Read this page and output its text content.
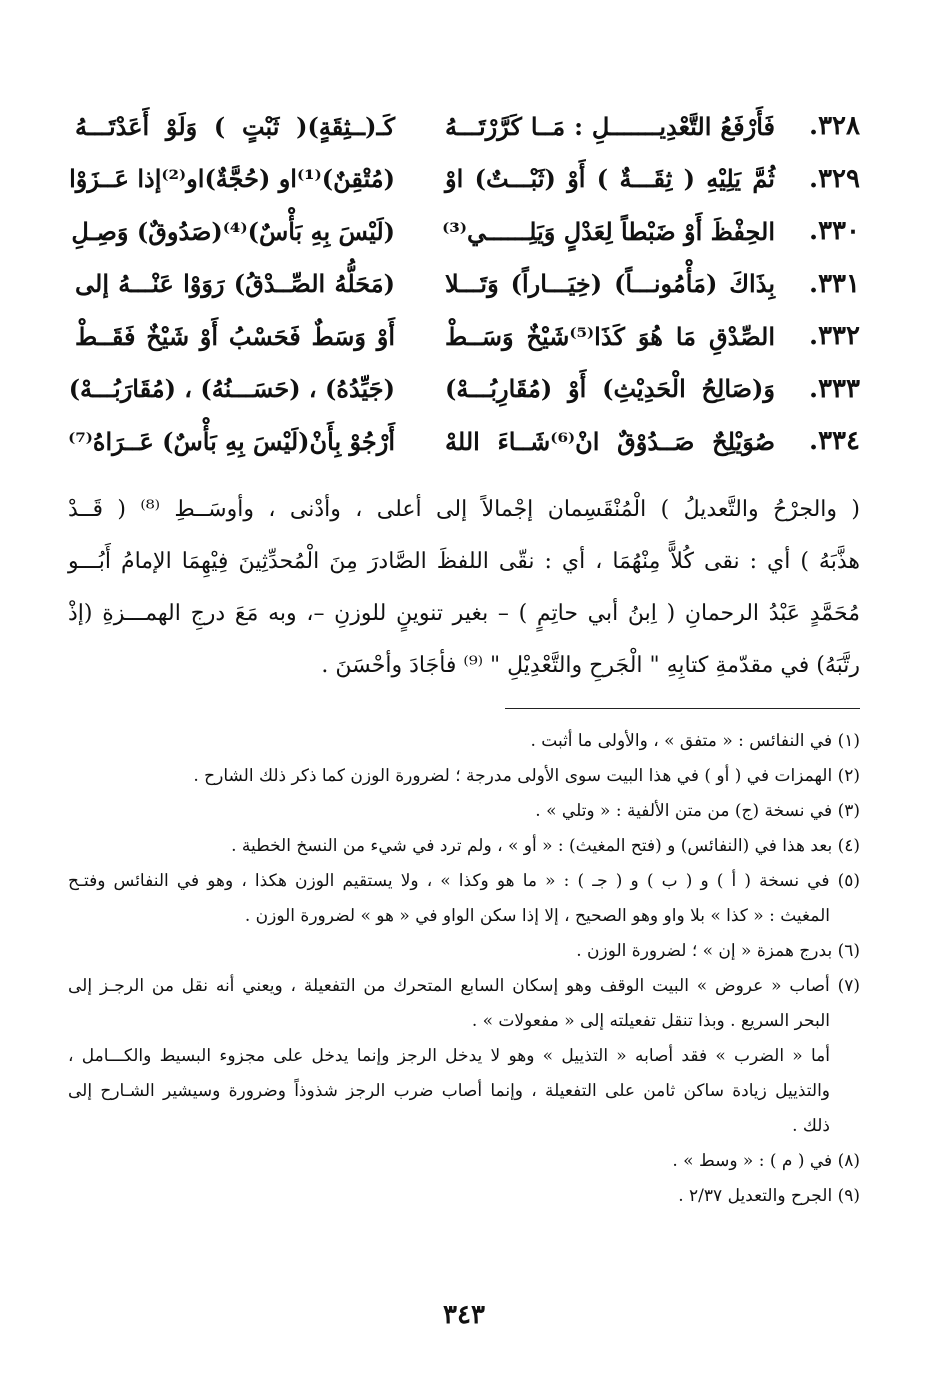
٣٢٨.
فَأَرْفَعُ التَّعْدِيـــــــلِ : مَــا كَرَّرْتَـــهُ
كَـ(ــثِقَةٍ)( ثَبْتٍ ) وَلَوْ أَعَدْتَـــهُ
٣٢٩.
ثُمَّ يَلِيْهِ ( ثِقَـــةٌ ) أَوْ (ثَبْـــتٌ) اوْ
(مُتْقِنٌ)⁽¹⁾او (حُجَّةٌ)او⁽²⁾إذا عَــزَوْا
٣٣٠.
الحِفْظَ أَوْ ضَبْطاً لِعَدْلٍ وَيَلِــــــي⁽³⁾
(لَيْسَ بِهِ بَأْسٌ)⁽⁴⁾(صَدُوقٌ) وَصِـلِ
٣٣١.
بِذَاكَ (مَأْمُونـــاً) (خِيَـــاراً) وَتَـــلا
(مَحَلُّهُ الصِّــدْقُ) رَوَوْا عَنْـــهُ إلى
٣٣٢.
الصِّدْقِ مَا هُوَ كَذَا⁽⁵⁾شَيْخٌ وَسَــطْ
أَوْ وَسَطٌ فَحَسْبُ أَوْ شَيْخٌ فَقَــطْ
٣٣٣.
وَ(صَالِحُ الْحَدِيْثِ) أَوْ (مُقَارِبُـــهْ)
(جَيِّدُهُ) ، (حَسَـــنُهُ) ، (مُقَارَبُـــهْ)
٣٣٤.
صُوَيْلِحٌ صَــدُوْقٌ انْ⁽⁶⁾شَــاءَ اللهْ
أَرْجُوْ بِأَنْ(لَيْسَ بِهِ بَأْسٌ) عَــرَاهُ⁽⁷⁾
( والجرْحُ والتَّعديلُ ) الْمُنْقَسِمان إجْمالاً إلى أعلى ، وأدْنى ، وأوسَــطِ ⁽⁸⁾ ( قَــدْ
هذَّبَهُ ) أي : نقى كُلاًّ مِنْهُمَا ، أي : نقّى اللفظَ الصَّادرَ مِنَ الْمُحدِّثِينَ فِيْهِمَا الإمامُ أَبُـــو
مُحَمَّدٍ عَبْدُ الرحمانِ ( اِبنُ أبي حاتِمٍ ) – بغير تنوينٍ للوزنِ –، وبه مَعَ درجِ الهمـــزةِ (إذْ
رتَّبَهُ) في مقدّمةِ كتابِهِ " الْجَرحِ والتَّعْدِيْلِ " ⁽⁹⁾ فأجَادَ وأحْسَنَ .
(١) في النفائس : « متفق » ، والأولى ما أثبت .
(٢) الهمزات في ( أو ) في هذا البيت سوى الأولى مدرجة ؛ لضرورة الوزن كما ذكر ذلك الشارح .
(٣) في نسخة (ج) من متن الألفية : « وتلي » .
(٤) بعد هذا في (النفائس) و (فتح المغيث) : « أو » ، ولم ترد في شيء من النسخ الخطية .
(٥) في نسخة ( أ ) و ( ب ) و ( جـ ) : « ما هو وكذا » ، ولا يستقيم الوزن هكذا ، وهو في النفائس وفتـح
المغيث : « كذا » بلا واو وهو الصحيح ، إلا إذا سكن الواو في « هو » لضرورة الوزن .
(٦) بدرج همزة « إن » ؛ لضرورة الوزن .
(٧) أصاب « عروض » البيت الوقف وهو إسكان السابع المتحرك من التفعيلة ، ويعني أنه نقل من الرجـز إلى
البحر السريع . وبذا تنقل تفعيلته إلى « مفعولات » .
أما « الضرب » فقد أصابه « التذييل » وهو لا يدخل الرجز وإنما يدخل على مجزوء البسيط والكـــامل ،
والتذييل زيادة ساكن ثامن على التفعيلة ، وإنما أصاب ضرب الرجز شذوذاً وضرورة وسيشير الشـارح إلى
ذلك .
(٨) في ( م ) : « وسط » .
(٩) الجرح والتعديل ٢/٣٧ .
٣٤٣
